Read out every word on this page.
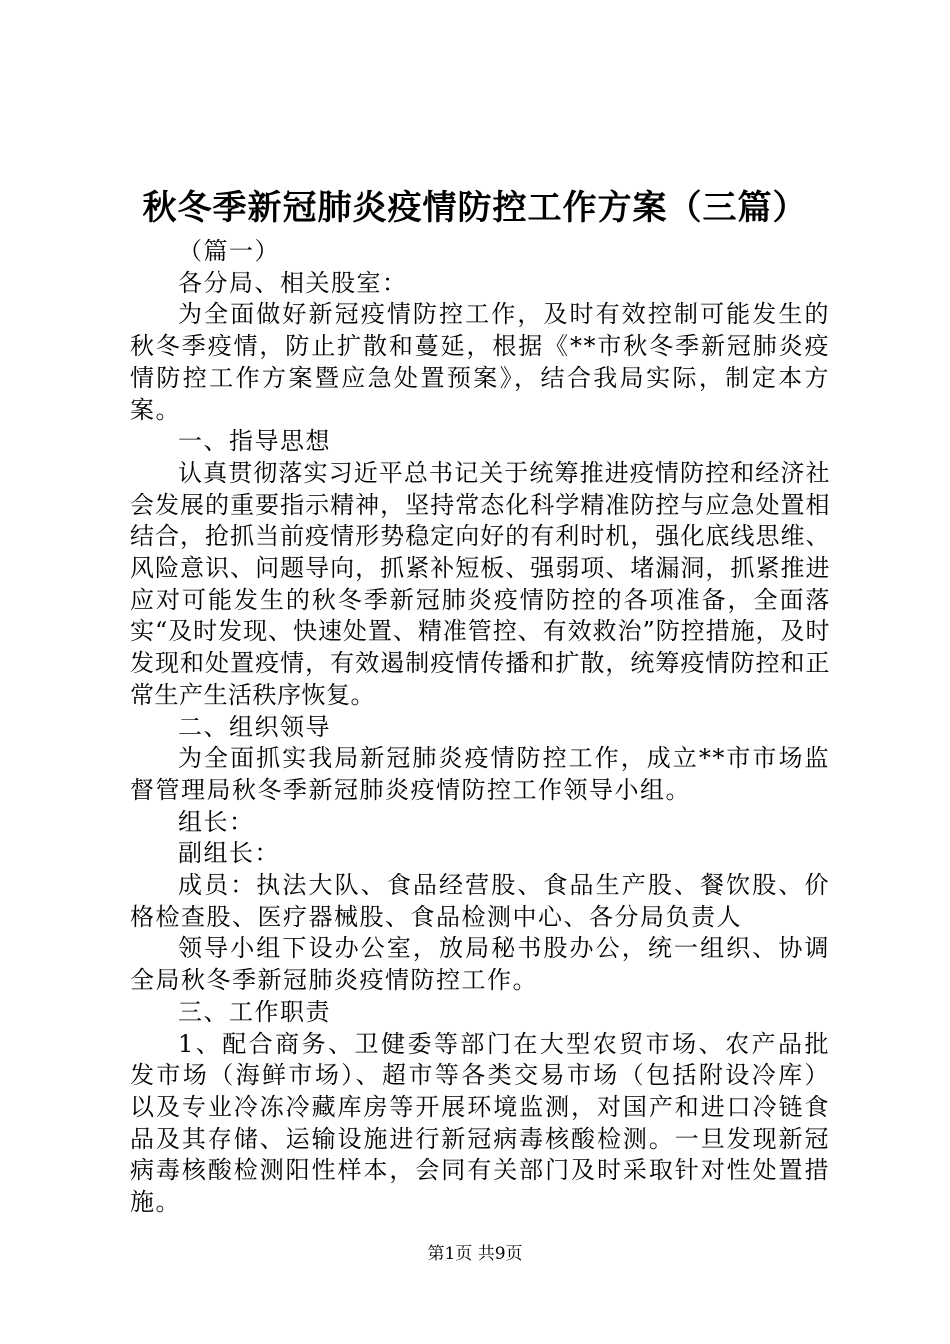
秋冬季新冠肺炎疫情防控工作方案（三篇）

（篇一）

各分局、相关股室：

为全面做好新冠疫情防控工作，及时有效控制可能发生的秋冬季疫情，防止扩散和蔓延，根据《**市秋冬季新冠肺炎疫情防控工作方案暨应急处置预案》，结合我局实际，制定本方案。

一、指导思想

认真贯彻落实习近平总书记关于统筹推进疫情防控和经济社会发展的重要指示精神，坚持常态化科学精准防控与应急处置相结合，抢抓当前疫情形势稳定向好的有利时机，强化底线思维、风险意识、问题导向，抓紧补短板、强弱项、堵漏洞，抓紧推进应对可能发生的秋冬季新冠肺炎疫情防控的各项准备，全面落实“及时发现、快速处置、精准管控、有效救治”防控措施，及时发现和处置疫情，有效遏制疫情传播和扩散，统筹疫情防控和正常生产生活秩序恢复。

二、组织领导

为全面抓实我局新冠肺炎疫情防控工作，成立**市市场监督管理局秋冬季新冠肺炎疫情防控工作领导小组。

组长：

副组长：

成员：执法大队、食品经营股、食品生产股、餐饮股、价格检查股、医疗器械股、食品检测中心、各分局负责人

领导小组下设办公室，放局秘书股办公，统一组织、协调全局秋冬季新冠肺炎疫情防控工作。

三、工作职责

1、配合商务、卫健委等部门在大型农贸市场、农产品批发市场（海鲜市场）、超市等各类交易市场（包括附设冷库）以及专业冷冻冷藏库房等开展环境监测，对国产和进口冷链食品及其存储、运输设施进行新冠病毒核酸检测。一旦发现新冠病毒核酸检测阳性样本，会同有关部门及时采取针对性处置措施。

第1页 共9页
